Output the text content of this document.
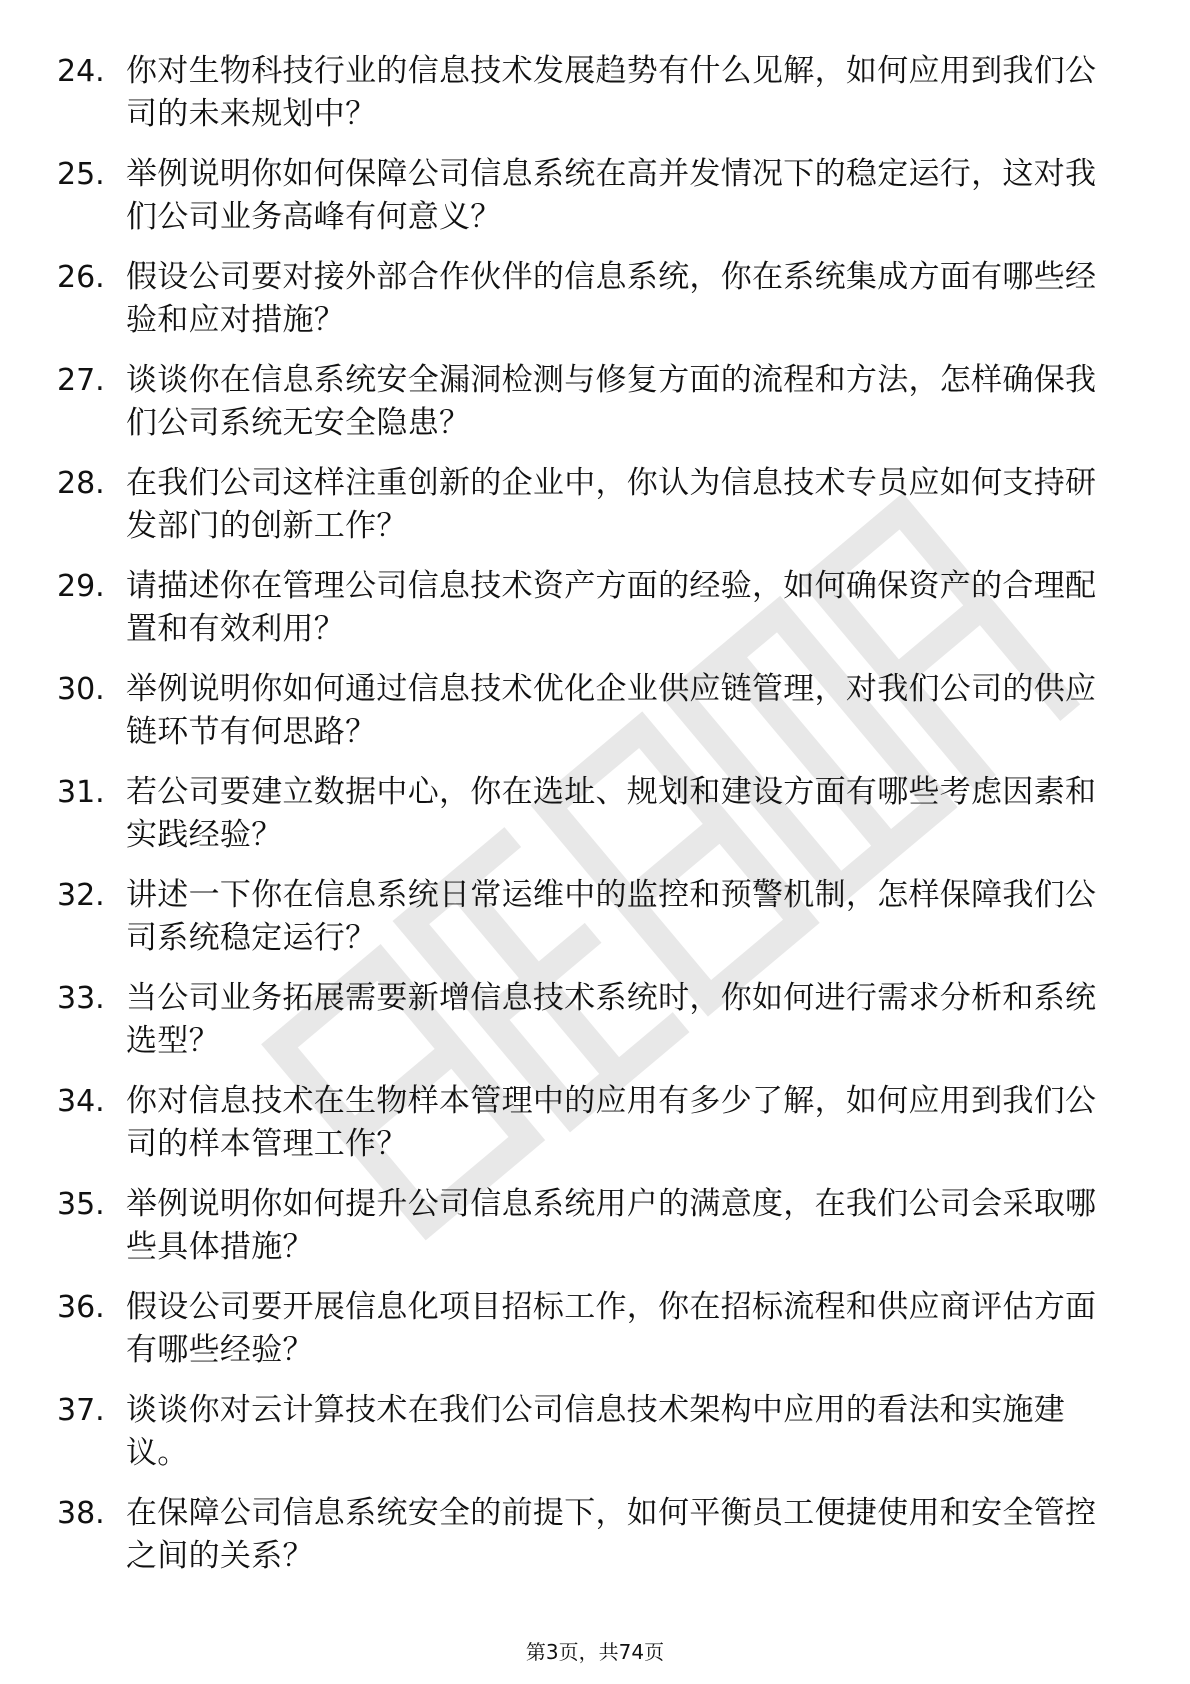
24. 你对生物科技行业的信息技术发展趋势有什么见解，如何应用到我们公司的未来规划中？
25. 举例说明你如何保障公司信息系统在高并发情况下的稳定运行，这对我们公司业务高峰有何意义？
26. 假设公司要对接外部合作伙伴的信息系统，你在系统集成方面有哪些经验和应对措施？
27. 谈谈你在信息系统安全漏洞检测与修复方面的流程和方法，怎样确保我们公司系统无安全隐患？
28. 在我们公司这样注重创新的企业中，你认为信息技术专员应如何支持研发部门的创新工作？
29. 请描述你在管理公司信息技术资产方面的经验，如何确保资产的合理配置和有效利用？
30. 举例说明你如何通过信息技术优化企业供应链管理，对我们公司的供应链环节有何思路？
31. 若公司要建立数据中心，你在选址、规划和建设方面有哪些考虑因素和实践经验？
32. 讲述一下你在信息系统日常运维中的监控和预警机制，怎样保障我们公司系统稳定运行？
33. 当公司业务拓展需要新增信息技术系统时，你如何进行需求分析和系统选型？
34. 你对信息技术在生物样本管理中的应用有多少了解，如何应用到我们公司的样本管理工作？
35. 举例说明你如何提升公司信息系统用户的满意度，在我们公司会采取哪些具体措施？
36. 假设公司要开展信息化项目招标工作，你在招标流程和供应商评估方面有哪些经验？
37. 谈谈你对云计算技术在我们公司信息技术架构中应用的看法和实施建议。
38. 在保障公司信息系统安全的前提下，如何平衡员工便捷使用和安全管控之间的关系？
第3页，共74页
